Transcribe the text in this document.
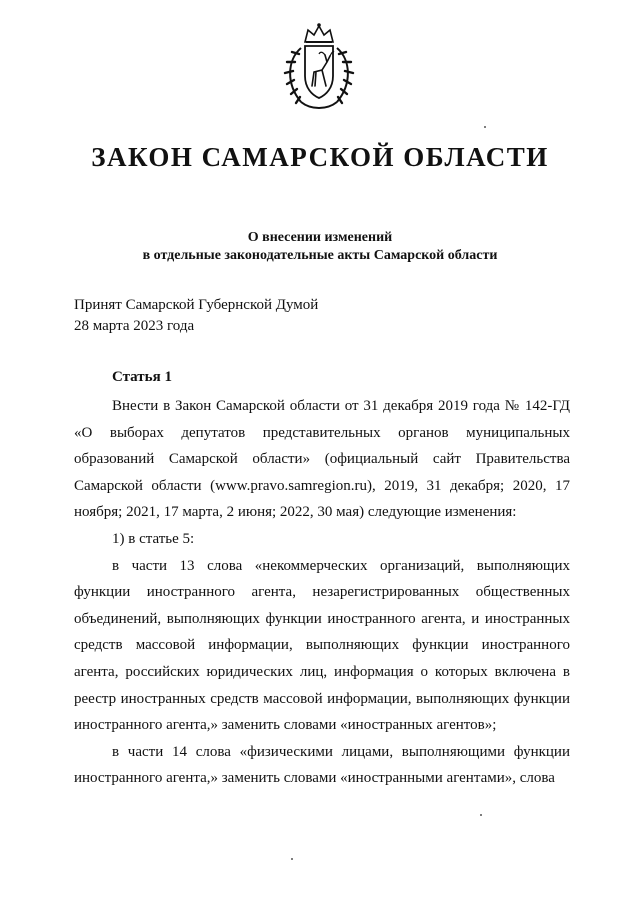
ЗАКОН САМАРСКОЙ ОБЛАСТИ

О внесении изменений

в отдельные законодательные акты Самарской области

Принят Самарской Губернской Думой

28 марта 2023 года

Статья 1

Внести в Закон Самарской области от 31 декабря 2019 года № 142-ГД «О выборах депутатов представительных органов муниципальных образований Самарской области» (официальный сайт Правительства Самарской области (www.pravo.samregion.ru), 2019, 31 декабря; 2020, 17 ноября; 2021, 17 марта, 2 июня; 2022, 30 мая) следующие изменения:

1) в статье 5:

в части 13 слова «некоммерческих организаций, выполняющих функции иностранного агента, незарегистрированных общественных объединений, выполняющих функции иностранного агента, и иностранных средств массовой информации, выполняющих функции иностранного агента, российских юридических лиц, информация о которых включена в реестр иностранных средств массовой информации, выполняющих функции иностранного агента,» заменить словами «иностранных агентов»;

в части 14 слова «физическими лицами, выполняющими функции иностранного агента,» заменить словами «иностранными агентами», слова
